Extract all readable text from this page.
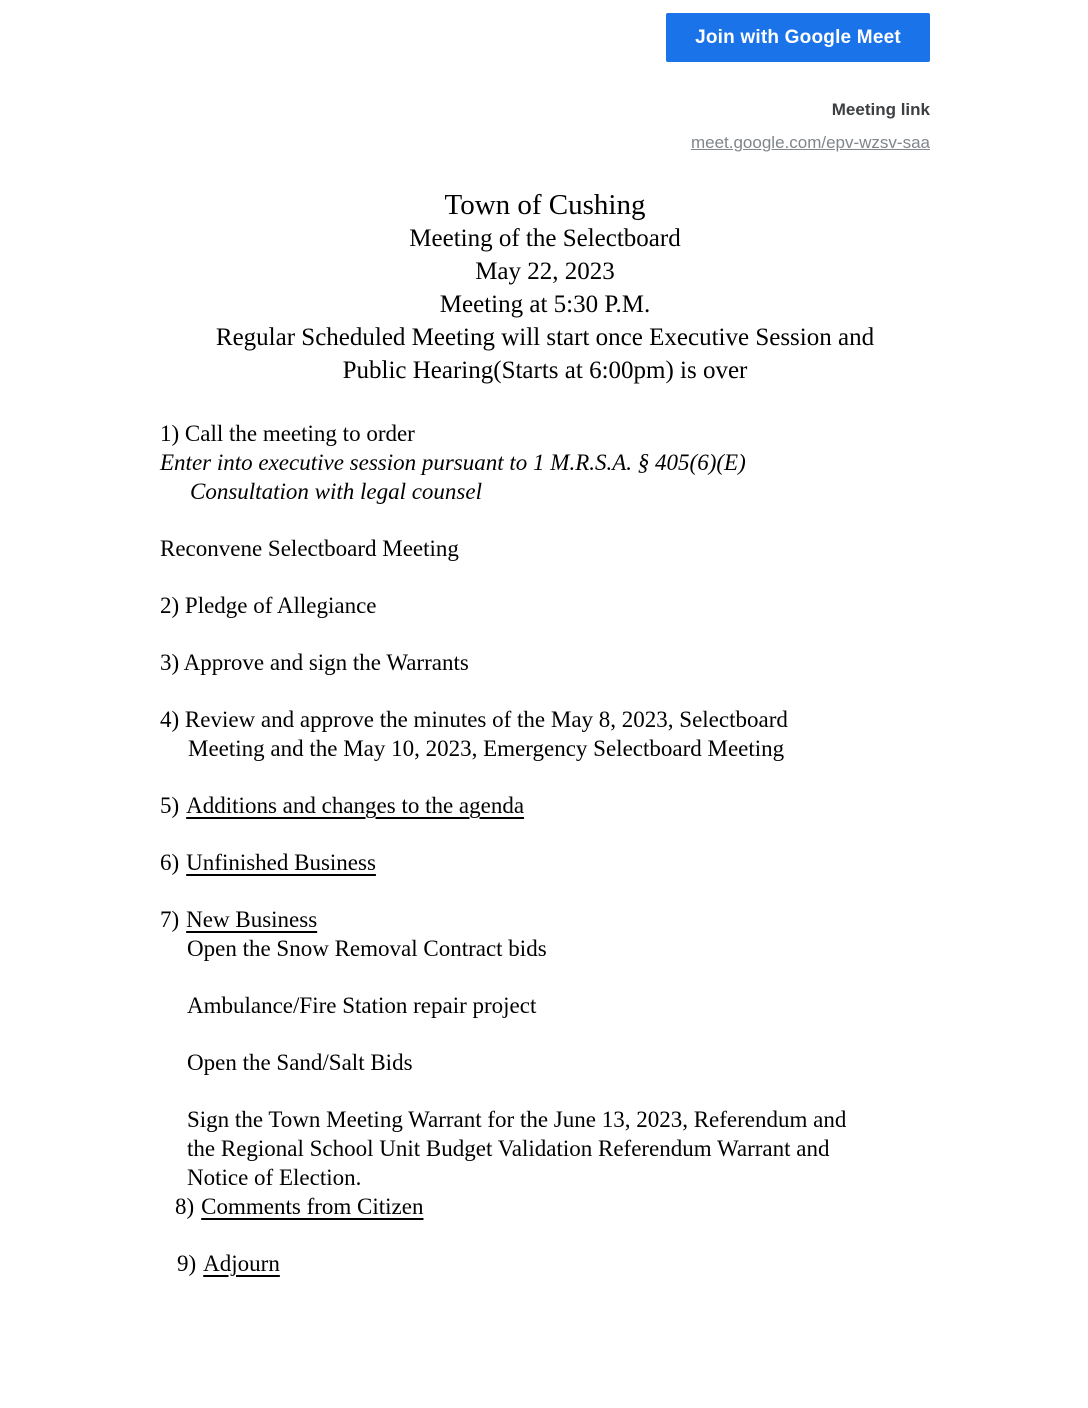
Join with Google Meet
Meeting link
meet.google.com/epv-wzsv-saa
Town of Cushing
Meeting of the Selectboard
May 22, 2023
Meeting at 5:30 P.M.
Regular Scheduled Meeting will start once Executive Session and
Public Hearing(Starts at 6:00pm) is over

1) Call the meeting to order

Enter into executive session pursuant to 1 M.R.S.A. § 405(6)(E)

Consultation with legal counsel

Reconvene Selectboard Meeting

2) Pledge of Allegiance

3) Approve and sign the Warrants

4) Review and approve the minutes of the May 8, 2023, Selectboard

Meeting and the May 10, 2023, Emergency Selectboard Meeting

5) Additions and changes to the agenda

6) Unfinished Business

7) New Business

Open the Snow Removal Contract bids

Ambulance/Fire Station repair project

Open the Sand/Salt Bids

Sign the Town Meeting Warrant for the June 13, 2023, Referendum and

the Regional School Unit Budget Validation Referendum Warrant and

Notice of Election.

8) Comments from Citizen

9) Adjourn
